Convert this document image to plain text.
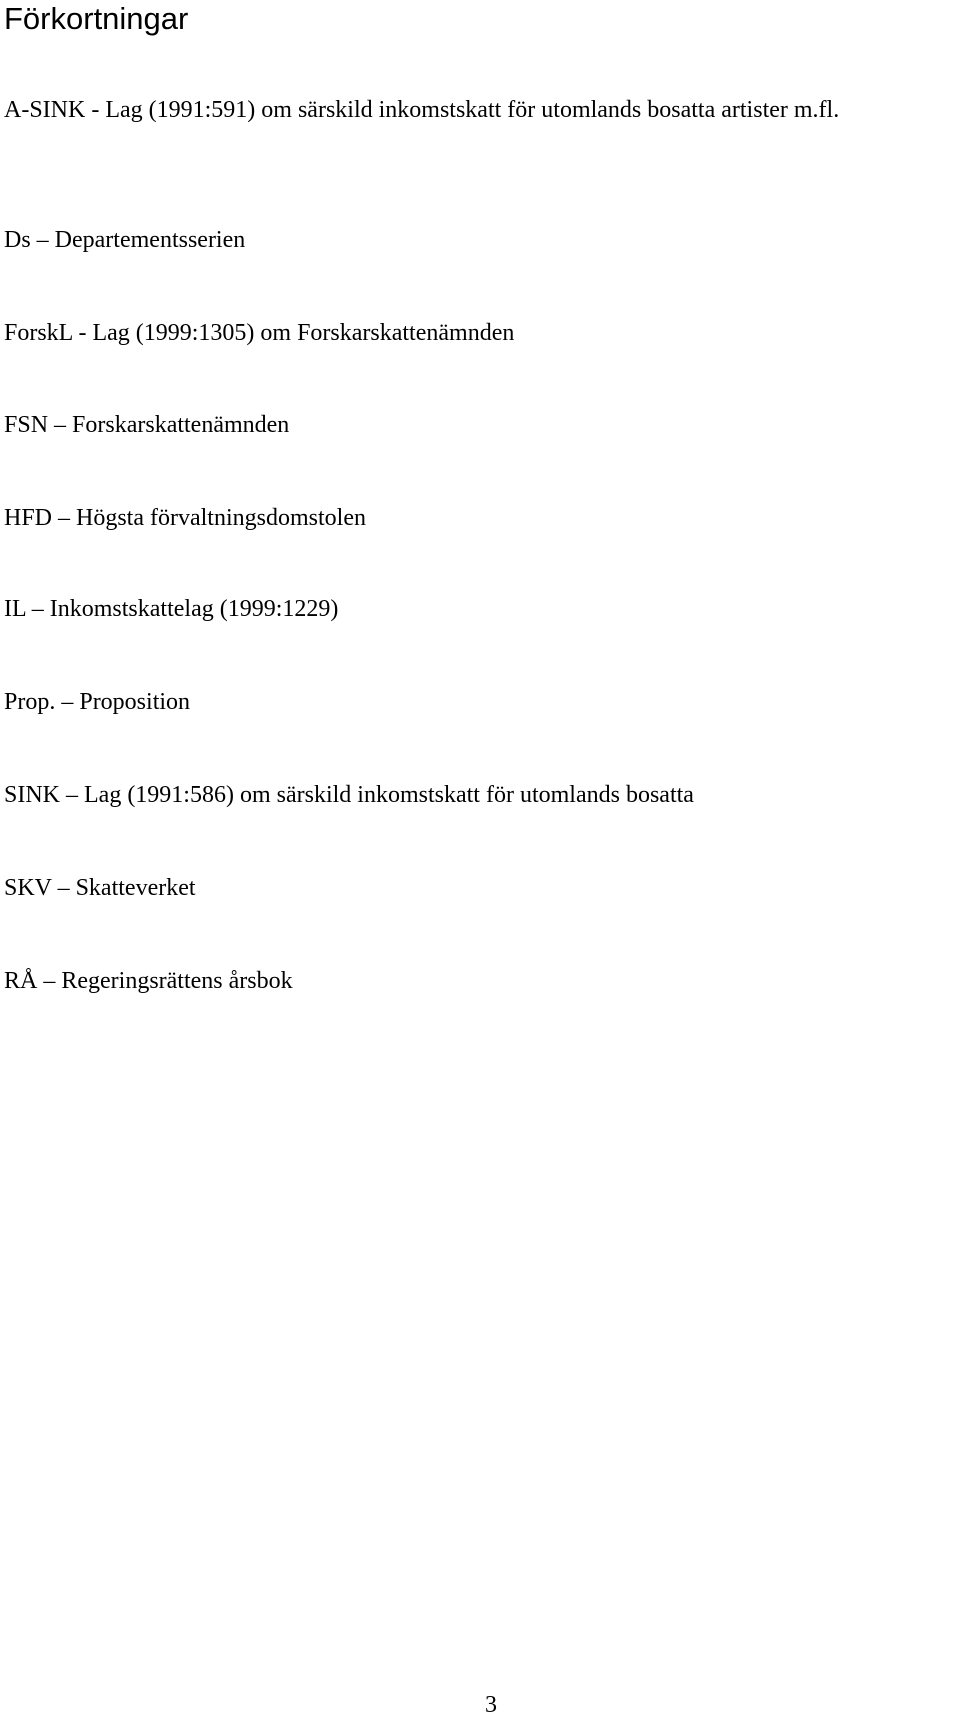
Förkortningar
A-SINK - Lag (1991:591) om särskild inkomstskatt för utomlands bosatta artister m.fl.
Ds – Departementsserien
ForskL - Lag (1999:1305) om Forskarskattenämnden
FSN – Forskarskattenämnden
HFD – Högsta förvaltningsdomstolen
IL – Inkomstskattelag (1999:1229)
Prop. – Proposition
SINK – Lag (1991:586) om särskild inkomstskatt för utomlands bosatta
SKV – Skatteverket
RÅ – Regeringsrättens årsbok
3
